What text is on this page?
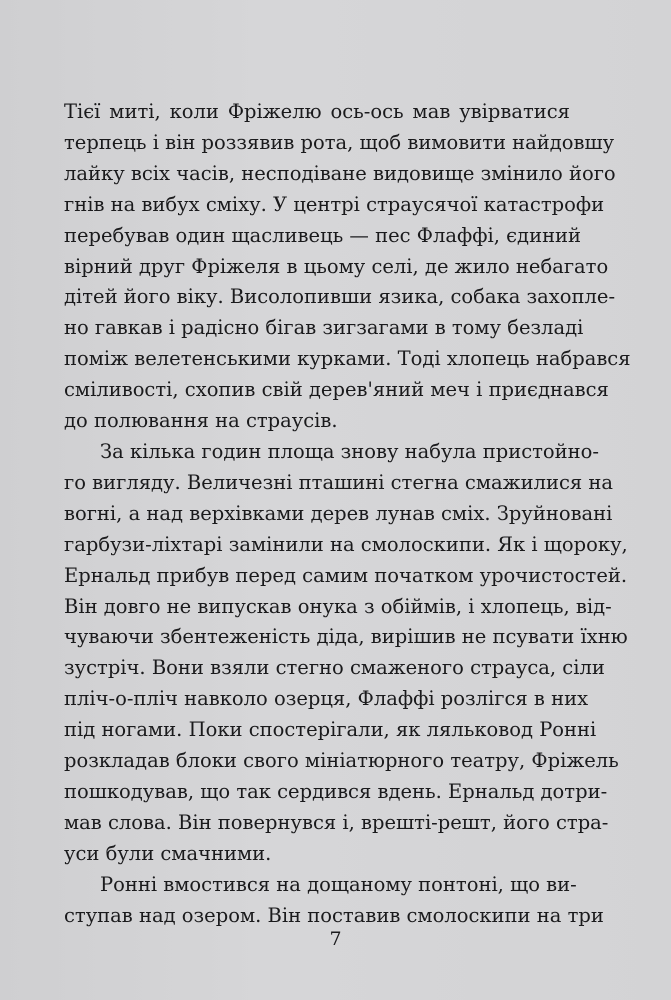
Тієї миті, коли Фріжелю ось-ось мав увірватися
терпець і він роззявив рота, щоб вимовити найдовшу
лайку всіх часів, несподіване видовище змінило його
гнів на вибух сміху. У центрі страусячої катастрофи
перебував один щасливець — пес Флаффі, єдиний
вірний друг Фріжеля в цьому селі, де жило небагато
дітей його віку. Висолопивши язика, собака захоплe-
но гавкав і радісно бігав зигзагами в тому безладі
поміж велетенськими курками. Тоді хлопець набрався
сміливості, схопив свій дерев'яний меч і приєднався
до полювання на страусів.

За кілька годин площа знову набула пристойно-
го вигляду. Величезні пташині стегна смажилися на
вогні, а над верхівками дерев лунав сміх. Зруйновані
гарбузи-ліхтарі замінили на смолоскипи. Як і щороку,
Ернальд прибув перед самим початком урочистостей.
Він довго не випускав онука з обіймів, і хлопець, від-
чуваючи збентеженість діда, вирішив не псувати їхню
зустріч. Вони взяли стегно смаженого страуса, сіли
пліч-о-пліч навколо озерця, Флаффі розлігся в них
під ногами. Поки спостерігали, як лялькoвод Ронні
розкладав блоки свого мініатюрного театру, Фріжель
пошкодував, що так сердився вдень. Ернальд дотри-
мав слова. Він повернувся і, врешті-решт, його стра-
уси були смачними.

Ронні вмостився на дощаному понтоні, що ви-
ступав над озером. Він поставив смолоскипи на три

7
